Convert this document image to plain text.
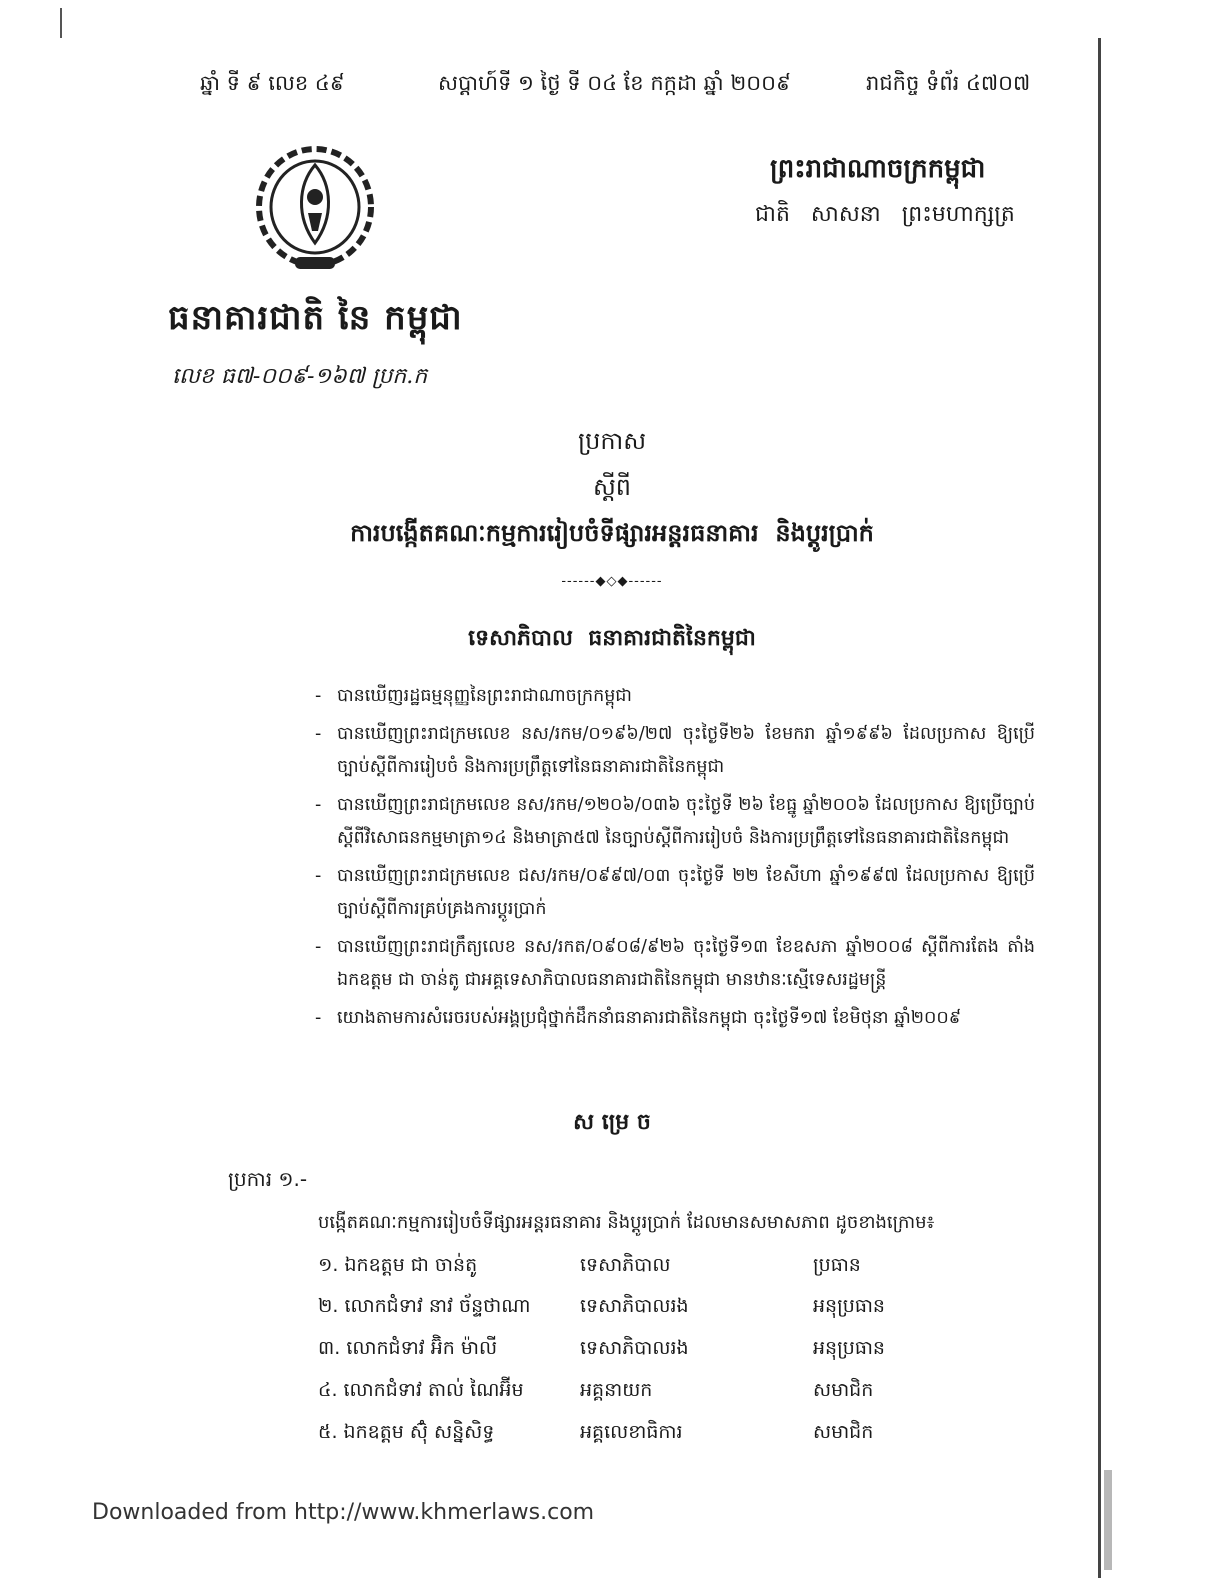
ឆ្នាំ ទី ៩ លេខ ៤៩	សប្តាហ៍ទី ១ ថ្ងៃ ទី ០៤ ខែ កក្កដា ឆ្នាំ ២០០៩	រាជកិច្ច ទំព័រ ៤៧០៧
ព្រះរាជាណាចក្រកម្ពុជា
ជាតិ   សាសនា   ព្រះមហាក្សត្រ
ធនាគារជាតិ នៃ កម្ពុជា
លេខ ធ៧-០០៩-១៦៧ ប្រក.ក
ប្រកាស
ស្តីពី
ការបង្កើតគណៈកម្មការរៀបចំទីផ្សារអន្តរធនាគារ  និងប្តូរប្រាក់
------◆◇◆------
ទេសាភិបាល  ធនាគារជាតិនៃកម្ពុជា
- បានឃើញរដ្ឋធម្មនុញ្ញនៃព្រះរាជាណាចក្រកម្ពុជា
- បានឃើញព្រះរាជក្រមលេខ នស/រកម/០១៩៦/២៧ ចុះថ្ងៃទី២៦ ខែមករា ឆ្នាំ១៩៩៦ ដែលប្រកាស ឱ្យប្រើច្បាប់ស្តីពីការរៀបចំ និងការប្រព្រឹត្តទៅនៃធនាគារជាតិនៃកម្ពុជា
- បានឃើញព្រះរាជក្រមលេខ នស/រកម/១២០៦/០៣៦ ចុះថ្ងៃទី ២៦ ខែធ្នូ ឆ្នាំ២០០៦ ដែលប្រកាស ឱ្យប្រើច្បាប់ស្តីពីវិសោធនកម្មមាត្រា១៤ និងមាត្រា៥៧ នៃច្បាប់ស្តីពីការរៀបចំ និងការប្រព្រឹត្តទៅនៃធនាគារជាតិនៃកម្ពុជា
- បានឃើញព្រះរាជក្រមលេខ ជស/រកម/០៩៩៧/០៣ ចុះថ្ងៃទី ២២ ខែសីហា ឆ្នាំ១៩៩៧ ដែលប្រកាស ឱ្យប្រើច្បាប់ស្តីពីការគ្រប់គ្រងការប្តូរប្រាក់
- បានឃើញព្រះរាជក្រឹត្យលេខ នស/រកត/០៩០៨/៩២៦ ចុះថ្ងៃទី១៣ ខែឧសភា ឆ្នាំ២០០៨ ស្តីពីការតែង តាំង ឯកឧត្តម ជា ចាន់តូ ជាអគ្គទេសាភិបាលធនាគារជាតិនៃកម្ពុជា មានឋានៈស្មើទេសរដ្ឋមន្ត្រី
- យោងតាមការសំរេចរបស់អង្គប្រជុំថ្នាក់ដឹកនាំធនាគារជាតិនៃកម្ពុជា ចុះថ្ងៃទី១៧ ខែមិថុនា ឆ្នាំ២០០៩
ស ម្រេ ច
ប្រការ ១.-
បង្កើតគណៈកម្មការរៀបចំទីផ្សារអន្តរធនាគារ និងប្តូរប្រាក់ ដែលមានសមាសភាព ដូចខាងក្រោម៖
១. ឯកឧត្តម ជា ចាន់តូ	ទេសាភិបាល	ប្រធាន
២. លោកជំទាវ នាវ ច័ន្ទថាណា	ទេសាភិបាលរង	អនុប្រធាន
៣. លោកជំទាវ អ៊ិក ម៉ាលី	ទេសាភិបាលរង	អនុប្រធាន
៤. លោកជំទាវ តាល់ ណៃអ៊ីម	អគ្គនាយក	សមាជិក
៥. ឯកឧត្តម ស៊ុំ សន្និសិទ្ធ	អគ្គលេខាធិការ	សមាជិក
Downloaded from http://www.khmerlaws.com
